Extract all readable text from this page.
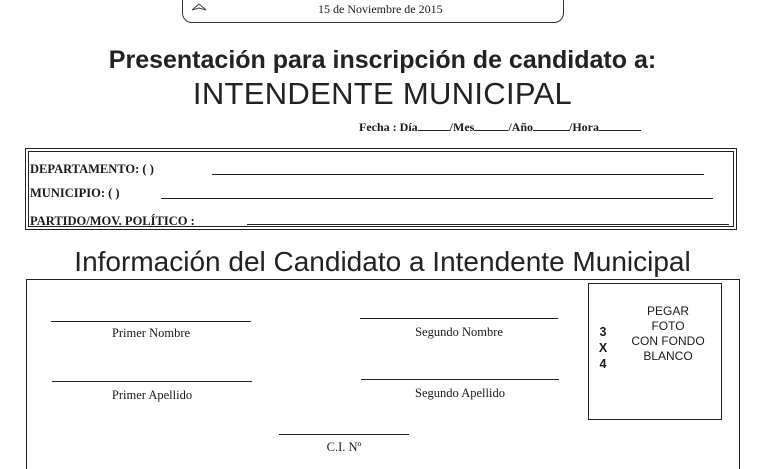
15 de Noviembre de 2015
Presentación para inscripción de candidato a:
INTENDENTE MUNICIPAL
Fecha : Día	/Mes	/Año	/Hora
DEPARTAMENTO: ( )
MUNICIPIO: ( )
PARTIDO/MOV. POLÍTICO :
Información del Candidato a Intendente Municipal
Primer Nombre	Segundo Nombre
Primer Apellido	Segundo Apellido
C.I. Nº
3
X
4
PEGAR
FOTO
CON FONDO
BLANCO
